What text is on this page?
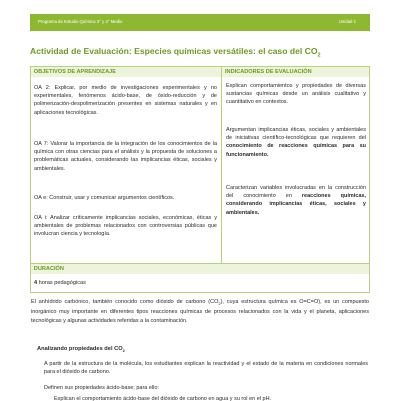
Programa de Estudio Química 3° y 4° Medio	Unidad 1
Actividad de Evaluación: Especies químicas versátiles: el caso del $CO_2$
OBJETIVOS DE APRENDIZAJE	INDICADORES DE EVALUACIÓN
OA 2: Explicar, por medio de investigaciones experimentales y no experimentales, fenómenos ácido-base, de óxido-reducción y de polimerización-despolimerización presentes en sistemas naturales y en aplicaciones tecnológicas.
OA 7: Valorar la importancia de la integración de los conocimientos de la química con otras ciencias para el análisis y la propuesta de soluciones a problemáticas actuales, considerando las implicancias éticas, sociales y ambientales.
OA e: Construir, usar y comunicar argumentos científicos.
OA i: Analizar críticamente implicancias sociales, económicas, éticas y ambientales de problemas relacionados con controversias públicas que involucran ciencia y tecnología.
Explican comportamientos y propiedades de diversas sustancias químicas desde un análisis cualitativo y cuantitativo en contextos.
Argumentan implicancias éticas, sociales y ambientales de iniciativas científico-tecnológicas que requieren del conocimiento de reacciones químicas para su funcionamiento.
Caracterizan variables involucradas en la construcción del conocimiento en reacciones químicas, considerando implicancias éticas, sociales y ambientales.
DURACIÓN
4 horas pedagógicas
El anhídrido carbónico, también conocido como dióxido de carbono $(CO_2)$, cuya estructura química es O=C=O), es un compuesto inorgánico muy importante en diferentes tipos reacciones químicas de procesos relacionados con la vida y el planeta, aplicaciones tecnológicas y algunas actividades referidas a la contaminación.
Analizando propiedades del $CO_2$
A partir de la estructura de la molécula, los estudiantes explican la reactividad y el estado de la materia en condiciones normales para el dióxido de carbono.
Definen sus propiedades ácido-base; para ello:
Explican el comportamiento ácido-base del dióxido de carbono en agua y su rol en el pH.
